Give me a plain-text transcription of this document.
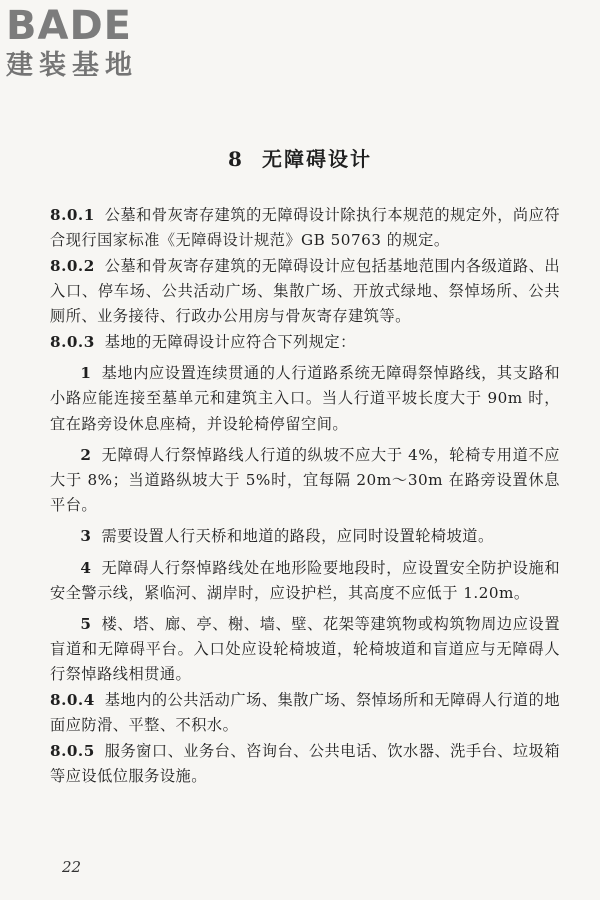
BADE
建装基地
8 无障碍设计

8.0.1 公墓和骨灰寄存建筑的无障碍设计除执行本规范的规定外，尚应符合现行国家标准《无障碍设计规范》GB 50763 的规定。

8.0.2 公墓和骨灰寄存建筑的无障碍设计应包括基地范围内各级道路、出入口、停车场、公共活动广场、集散广场、开放式绿地、祭悼场所、公共厕所、业务接待、行政办公用房与骨灰寄存建筑等。

8.0.3 基地的无障碍设计应符合下列规定：

1 基地内应设置连续贯通的人行道路系统无障碍祭悼路线，其支路和小路应能连接至墓单元和建筑主入口。当人行道平坡长度大于 90m 时，宜在路旁设休息座椅，并设轮椅停留空间。

2 无障碍人行祭悼路线人行道的纵坡不应大于 4%，轮椅专用道不应大于 8%；当道路纵坡大于 5%时，宜每隔 20m～30m 在路旁设置休息平台。

3 需要设置人行天桥和地道的路段，应同时设置轮椅坡道。

4 无障碍人行祭悼路线处在地形险要地段时，应设置安全防护设施和安全警示线，紧临河、湖岸时，应设护栏，其高度不应低于 1.20m。

5 楼、塔、廊、亭、榭、墙、壁、花架等建筑物或构筑物周边应设置盲道和无障碍平台。入口处应设轮椅坡道，轮椅坡道和盲道应与无障碍人行祭悼路线相贯通。

8.0.4 基地内的公共活动广场、集散广场、祭悼场所和无障碍人行道的地面应防滑、平整、不积水。

8.0.5 服务窗口、业务台、咨询台、公共电话、饮水器、洗手台、垃圾箱等应设低位服务设施。

22
